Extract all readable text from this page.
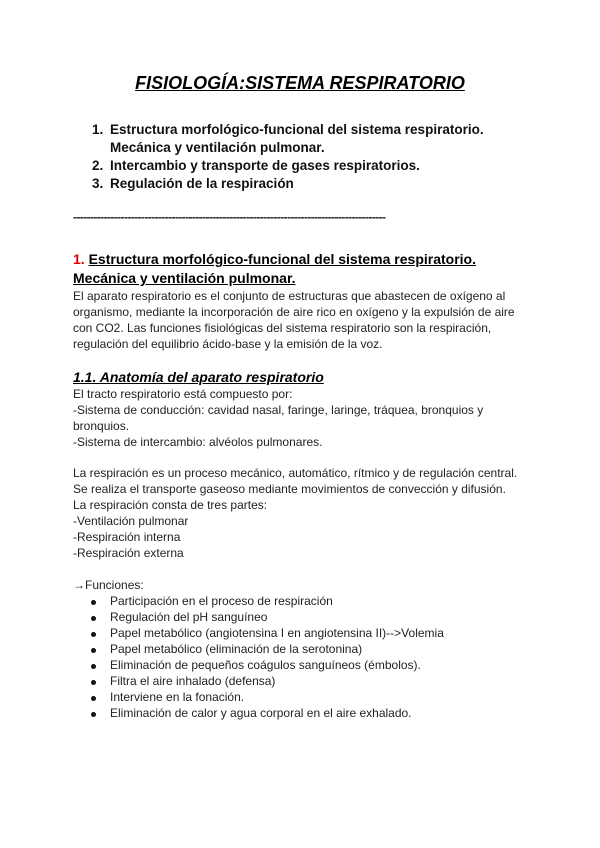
FISIOLOGÍA:SISTEMA RESPIRATORIO
1. Estructura morfológico-funcional del sistema respiratorio.
Mecánica y ventilación pulmonar.
2. Intercambio y transporte de gases respiratorios.
3. Regulación de la respiración
--------------------------------------------------------------------------------------------
1. Estructura morfológico-funcional del sistema respiratorio.
Mecánica y ventilación pulmonar.
El aparato respiratorio es el conjunto de estructuras que abastecen de oxígeno al
organismo, mediante la incorporación de aire rico en oxígeno y la expulsión de aire
con CO2. Las funciones fisiológicas del sistema respiratorio son la respiración,
regulación del equilibrio ácido-base y la emisión de la voz.
1.1. Anatomía del aparato respiratorio
El tracto respiratorio está compuesto por:
-Sistema de conducción: cavidad nasal, faringe, laringe, tráquea, bronquios y
bronquios.
-Sistema de intercambio: alvéolos pulmonares.
La respiración es un proceso mecánico, automático, rítmico y de regulación central.
Se realiza el transporte gaseoso mediante movimientos de convección y difusión.
La respiración consta de tres partes:
-Ventilación pulmonar
-Respiración interna
-Respiración externa
→Funciones:
Participación en el proceso de respiración
Regulación del pH sanguíneo
Papel metabólico (angiotensina I en angiotensina II)-->Volemia
Papel metabólico (eliminación de la serotonina)
Eliminación de pequeños coágulos sanguíneos (émbolos).
Filtra el aire inhalado (defensa)
Interviene en la fonación.
Eliminación de calor y agua corporal en el aire exhalado.
